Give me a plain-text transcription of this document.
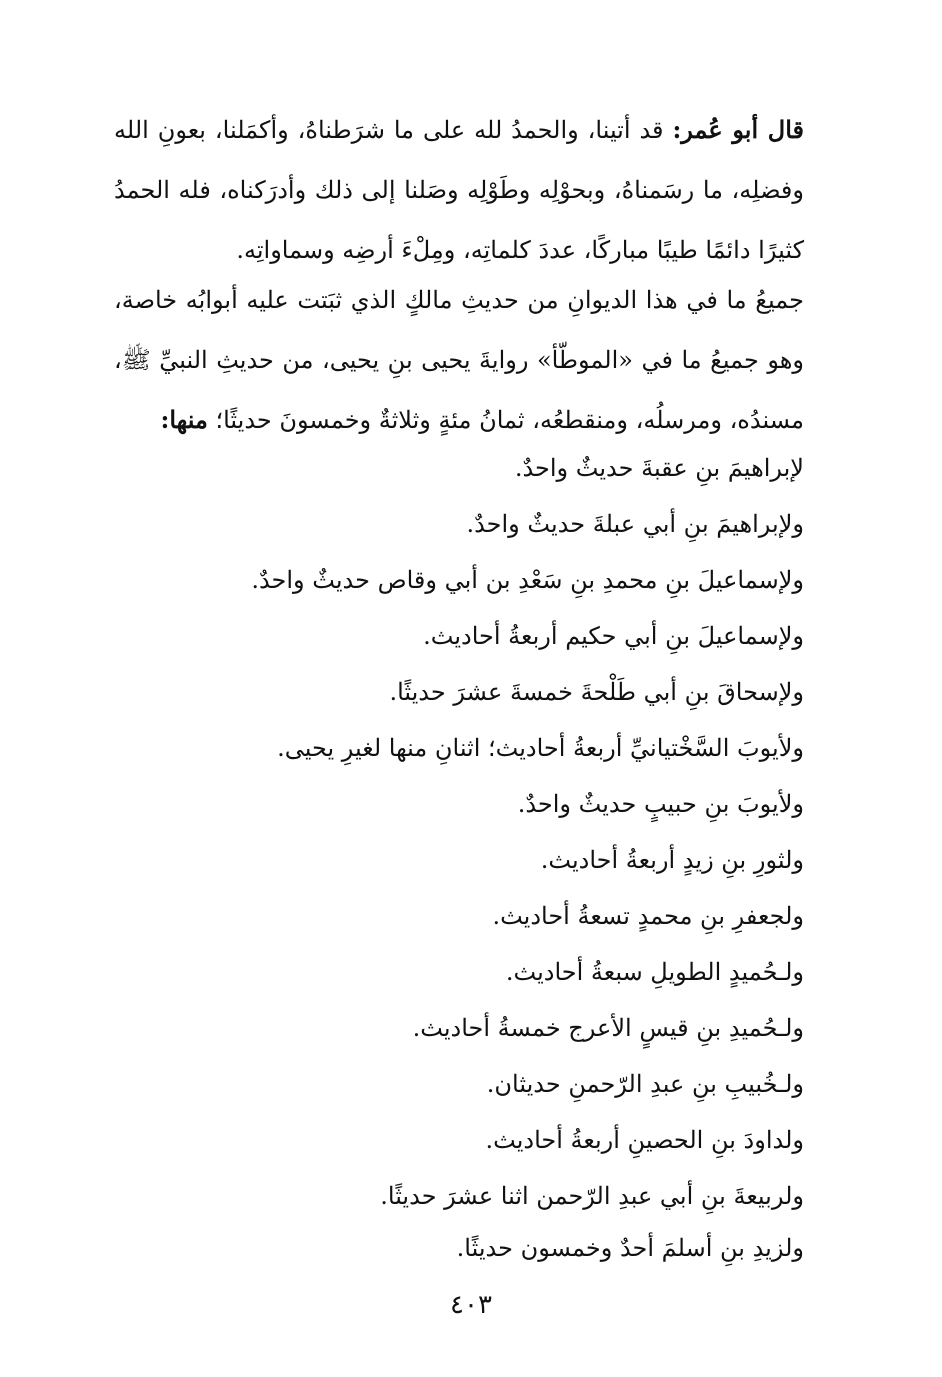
قال أبو عُمر: قد أتينا، والحمدُ لله على ما شرَطناهُ، وأكمَلنا، بعونِ الله وفضلِه، ما رسَمناهُ، وبحوْلِه وطَوْلِه وصَلنا إلى ذلك وأدرَكناه، فله الحمدُ كثيرًا دائمًا طيبًا مباركًا، عددَ كلماتِه، ومِلْءَ أرضِه وسماواتِه.

جميعُ ما في هذا الديوانِ من حديثِ مالكٍ الذي ثبَتت عليه أبوابُه خاصة، وهو جميعُ ما في «الموطّأ» روايةَ يحيى بنِ يحيى، من حديثِ النبيِّ ﷺ، مسندُه، ومرسلُه، ومنقطعُه، ثمانُ مئةٍ وثلاثةٌ وخمسونَ حديثًا؛ منها:

لإبراهيمَ بنِ عقبةَ حديثٌ واحدٌ.
ولإبراهيمَ بنِ أبي عبلةَ حديثٌ واحدٌ.
ولإسماعيلَ بنِ محمدِ بنِ سَعْدِ بن أبي وقاص حديثٌ واحدٌ.
ولإسماعيلَ بنِ أبي حكيم أربعةُ أحاديث.
ولإسحاقَ بنِ أبي طَلْحةَ خمسةَ عشرَ حديثًا.
ولأيوبَ السَّخْتيانيِّ أربعةُ أحاديث؛ اثنانِ منها لغيرِ يحيى.
ولأيوبَ بنِ حبيبٍ حديثٌ واحدٌ.
ولثورِ بنِ زيدٍ أربعةُ أحاديث.
ولجعفرِ بنِ محمدٍ تسعةُ أحاديث.
ولـحُميدٍ الطويلِ سبعةُ أحاديث.
ولـحُميدِ بنِ قيسٍ الأعرج خمسةُ أحاديث.
ولـخُبيبِ بنِ عبدِ الرّحمنِ حديثان.
ولداودَ بنِ الحصينِ أربعةُ أحاديث.
ولربيعةَ بنِ أبي عبدِ الرّحمن اثنا عشرَ حديثًا.
ولزيدِ بنِ أسلمَ أحدٌ وخمسون حديثًا.
٤٠٣
